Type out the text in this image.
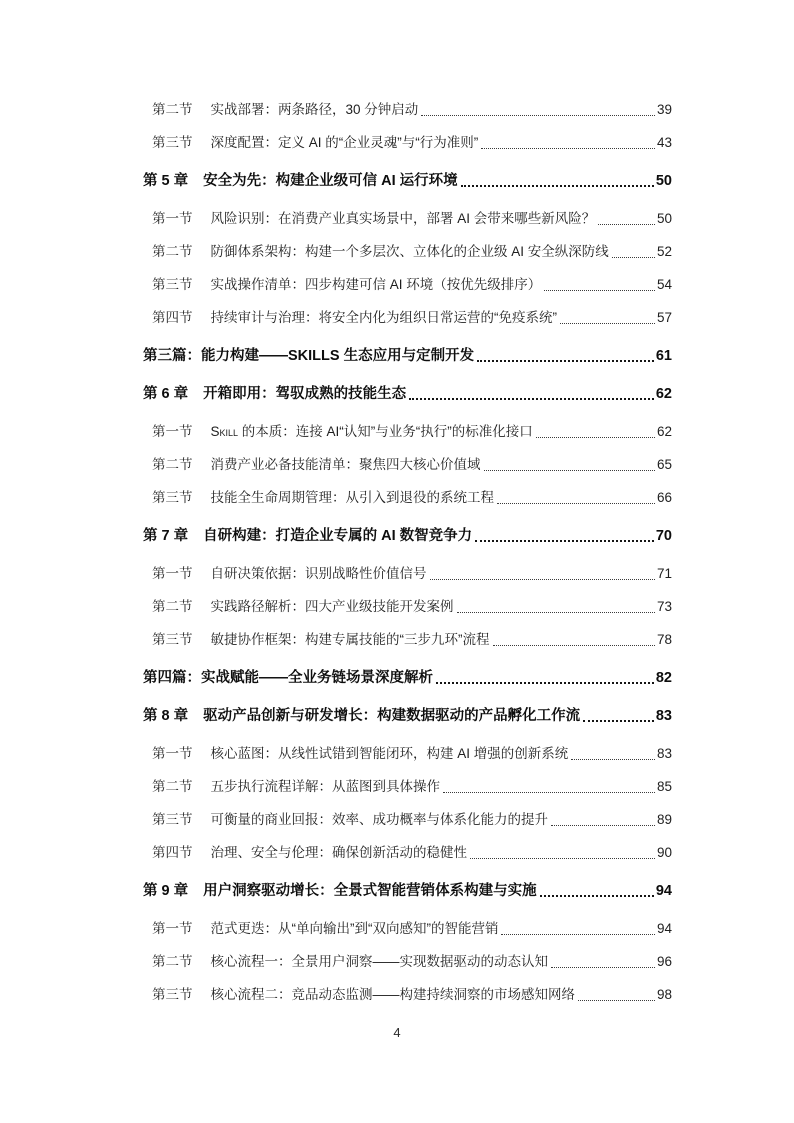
第二节 实战部署：两条路径，30 分钟启动	39
第三节 深度配置：定义 AI 的“企业灵魂”与“行为准则”	43
第 5 章 安全为先：构建企业级可信 AI 运行环境	50
第一节 风险识别：在消费产业真实场景中，部署 AI 会带来哪些新风险？	50
第二节 防御体系架构：构建一个多层次、立体化的企业级 AI 安全纵深防线	52
第三节 实战操作清单：四步构建可信 AI 环境（按优先级排序）	54
第四节 持续审计与治理：将安全内化为组织日常运营的“免疫系统”	57
第三篇：能力构建——SKILLS 生态应用与定制开发	61
第 6 章 开箱即用：驾驭成熟的技能生态	62
第一节 Skill 的本质：连接 AI“认知”与业务“执行”的标准化接口	62
第二节 消费产业必备技能清单：聚焦四大核心价值域	65
第三节 技能全生命周期管理：从引入到退役的系统工程	66
第 7 章 自研构建：打造企业专属的 AI 数智竞争力	70
第一节 自研决策依据：识别战略性价值信号	71
第二节 实践路径解析：四大产业级技能开发案例	73
第三节 敏捷协作框架：构建专属技能的“三步九环”流程	78
第四篇：实战赋能——全业务链场景深度解析	82
第 8 章 驱动产品创新与研发增长：构建数据驱动的产品孵化工作流	83
第一节 核心蓝图：从线性试错到智能闭环，构建 AI 增强的创新系统	83
第二节 五步执行流程详解：从蓝图到具体操作	85
第三节 可衡量的商业回报：效率、成功概率与体系化能力的提升	89
第四节 治理、安全与伦理：确保创新活动的稳健性	90
第 9 章 用户洞察驱动增长：全景式智能营销体系构建与实施	94
第一节 范式更迭：从“单向输出”到“双向感知”的智能营销	94
第二节 核心流程一：全景用户洞察——实现数据驱动的动态认知	96
第三节 核心流程二：竞品动态监测——构建持续洞察的市场感知网络	98
4
